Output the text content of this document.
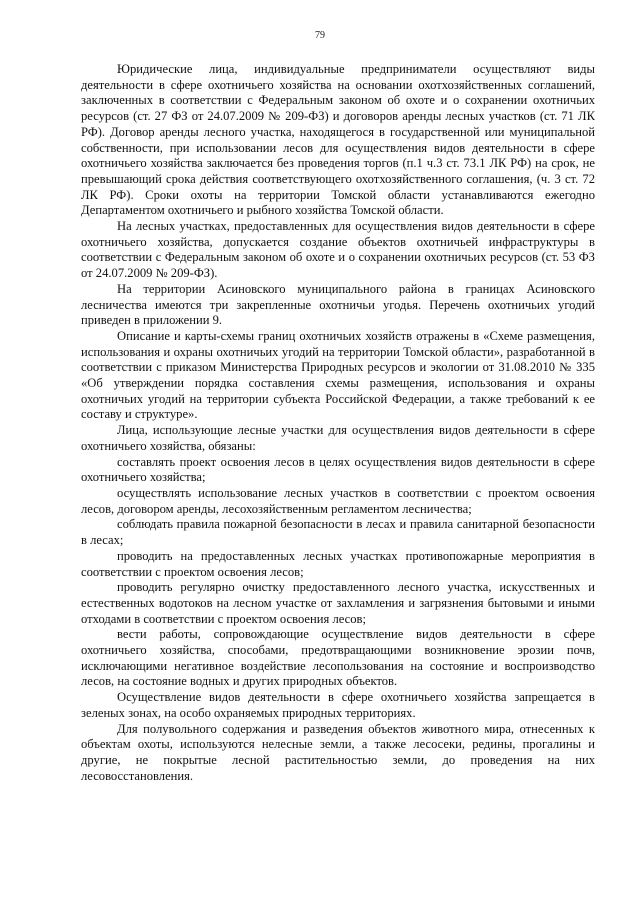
79

Юридические лица, индивидуальные предприниматели осуществляют виды деятельности в сфере охотничьего хозяйства на основании охотхозяйственных соглашений, заключенных в соответствии с Федеральным законом об охоте и о сохранении охотничьих ресурсов (ст. 27 ФЗ от 24.07.2009 № 209-ФЗ) и договоров аренды лесных участков (ст. 71 ЛК РФ). Договор аренды лесного участка, находящегося в государственной или муниципальной собственности, при использовании лесов для осуществления видов деятельности в сфере охотничьего хозяйства заключается без проведения торгов (п.1 ч.3 ст. 73.1 ЛК РФ) на срок, не превышающий срока действия соответствующего охотхозяйственного соглашения, (ч. 3 ст. 72 ЛК РФ). Сроки охоты на территории Томской области устанавливаются ежегодно Департаментом охотничьего и рыбного хозяйства Томской области.

На лесных участках, предоставленных для осуществления видов деятельности в сфере охотничьего хозяйства, допускается создание объектов охотничьей инфраструктуры в соответствии с Федеральным законом об охоте и о сохранении охотничьих ресурсов (ст. 53 ФЗ от 24.07.2009 № 209-ФЗ).

На территории Асиновского муниципального района в границах Асиновского лесничества имеются три закрепленные охотничьи угодья. Перечень охотничьих угодий приведен в приложении 9.

Описание и карты-схемы границ охотничьих хозяйств отражены в «Схеме размещения, использования и охраны охотничьих угодий на территории Томской области», разработанной в соответствии с приказом Министерства Природных ресурсов и экологии от 31.08.2010 № 335 «Об утверждении порядка составления схемы размещения, использования и охраны охотничьих угодий на территории субъекта Российской Федерации, а также требований к ее составу и структуре».

Лица, использующие лесные участки для осуществления видов деятельности в сфере охотничьего хозяйства, обязаны:

составлять проект освоения лесов в целях осуществления видов деятельности в сфере охотничьего хозяйства;

осуществлять использование лесных участков в соответствии с проектом освоения лесов, договором аренды, лесохозяйственным регламентом лесничества;

соблюдать правила пожарной безопасности в лесах и правила санитарной безопасности в лесах;

проводить на предоставленных лесных участках противопожарные мероприятия в соответствии с проектом освоения лесов;

проводить регулярно очистку предоставленного лесного участка, искусственных и естественных водотоков на лесном участке от захламления и загрязнения бытовыми и иными отходами в соответствии с проектом освоения лесов;

вести работы, сопровождающие осуществление видов деятельности в сфере охотничьего хозяйства, способами, предотвращающими возникновение эрозии почв, исключающими негативное воздействие лесопользования на состояние и воспроизводство лесов, на состояние водных и других природных объектов.

Осуществление видов деятельности в сфере охотничьего хозяйства запрещается в зеленых зонах, на особо охраняемых природных территориях.

Для полувольного содержания и разведения объектов животного мира, отнесенных к объектам охоты, используются нелесные земли, а также лесосеки, редины, прогалины и другие, не покрытые лесной растительностью земли, до проведения на них лесовосстановления.
